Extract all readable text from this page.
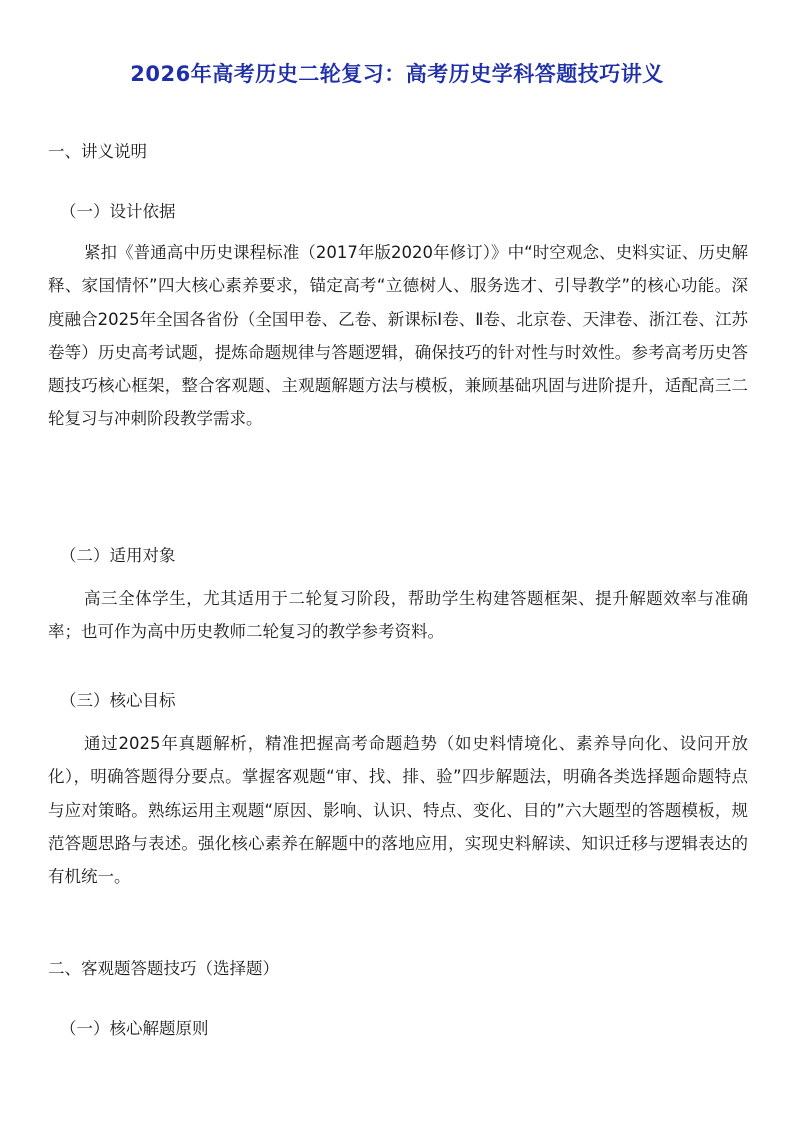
2026年高考历史二轮复习：高考历史学科答题技巧讲义
一、讲义说明
（一）设计依据
紧扣《普通高中历史课程标准（2017年版2020年修订）》中“时空观念、史料实证、历史解释、家国情怀”四大核心素养要求，锚定高考“立德树人、服务选才、引导教学”的核心功能。深度融合2025年全国各省份（全国甲卷、乙卷、新课标Ⅰ卷、Ⅱ卷、北京卷、天津卷、浙江卷、江苏卷等）历史高考试题，提炼命题规律与答题逻辑，确保技巧的针对性与时效性。参考高考历史答题技巧核心框架，整合客观题、主观题解题方法与模板，兼顾基础巩固与进阶提升，适配高三二轮复习与冲刺阶段教学需求。
（二）适用对象
高三全体学生，尤其适用于二轮复习阶段，帮助学生构建答题框架、提升解题效率与准确率；也可作为高中历史教师二轮复习的教学参考资料。
（三）核心目标
通过2025年真题解析，精准把握高考命题趋势（如史料情境化、素养导向化、设问开放化），明确答题得分要点。掌握客观题“审、找、排、验”四步解题法，明确各类选择题命题特点与应对策略。熟练运用主观题“原因、影响、认识、特点、变化、目的”六大题型的答题模板，规范答题思路与表述。强化核心素养在解题中的落地应用，实现史料解读、知识迁移与逻辑表达的有机统一。
二、客观题答题技巧（选择题）
（一）核心解题原则
